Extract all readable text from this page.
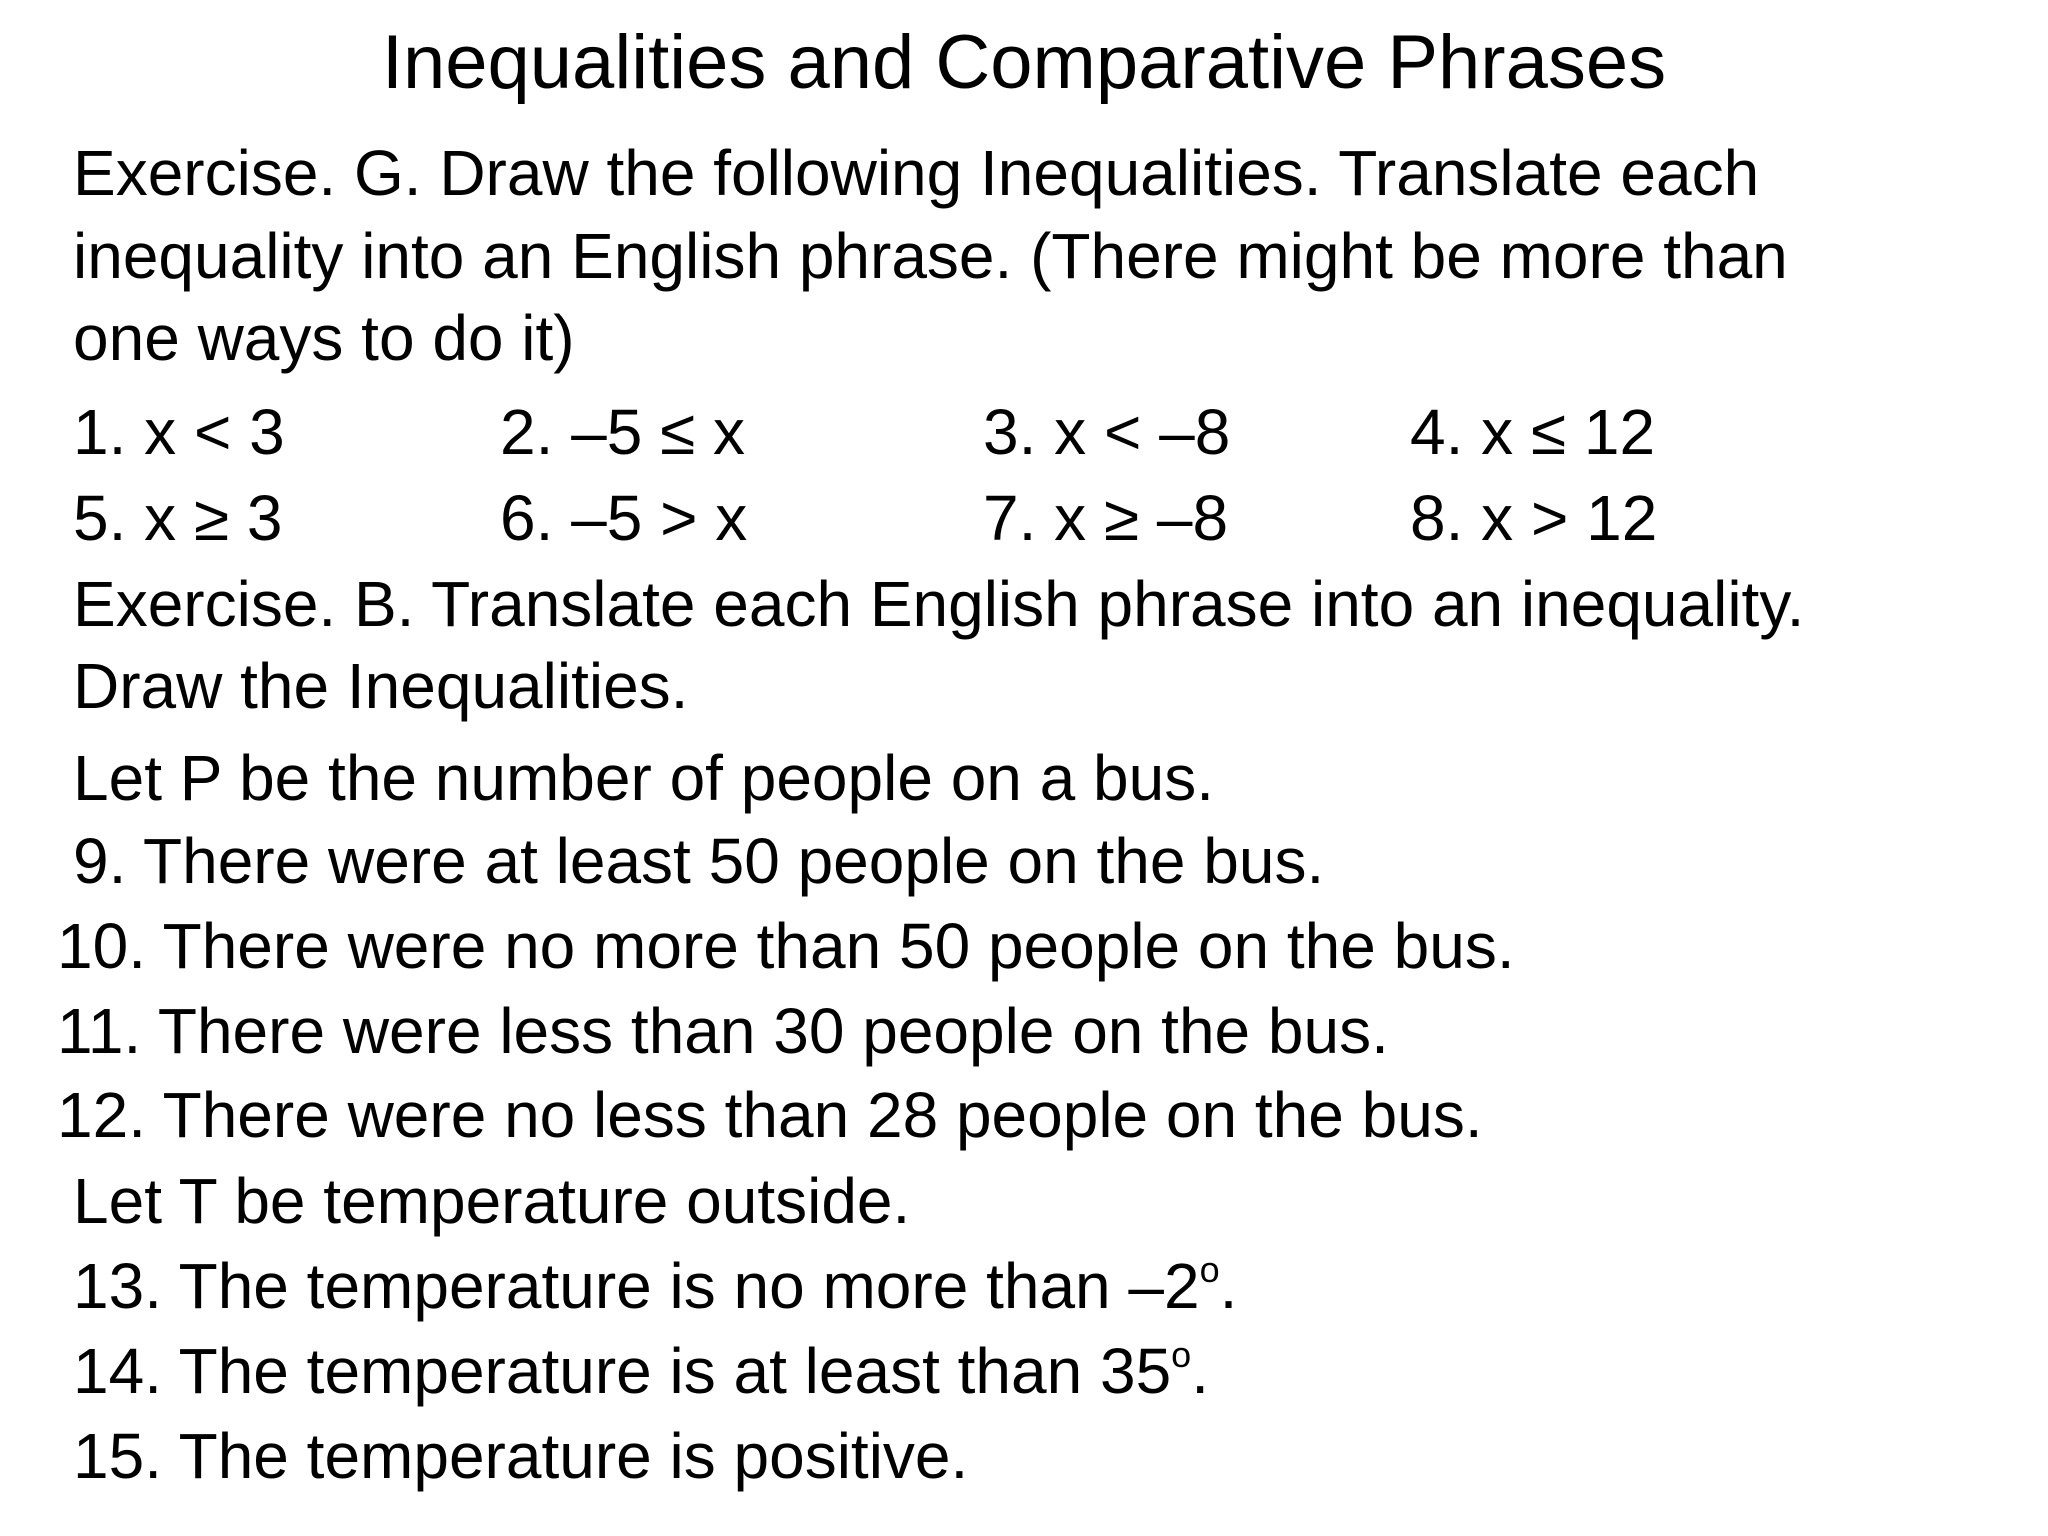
Inequalities and Comparative Phrases
Exercise. G. Draw the following Inequalities. Translate each
inequality into an English phrase. (There might be more than
one ways to do it)
1. x < 3	2. –5 ≤ x	3. x < –8	4. x ≤ 12
5. x ≥ 3	6. –5 > x	7. x ≥ –8	8. x > 12
Exercise. B. Translate each English phrase into an inequality.
Draw the Inequalities.
Let P be the number of people on a bus.
9. There were at least 50 people on the bus.
10. There were no more than 50 people on the bus.
11. There were less than 30 people on the bus.
12. There were no less than 28 people on the bus.
Let T be temperature outside.
13. The temperature is no more than –2$^o$.
14. The temperature is at least than 35$^o$.
15. The temperature is positive.
